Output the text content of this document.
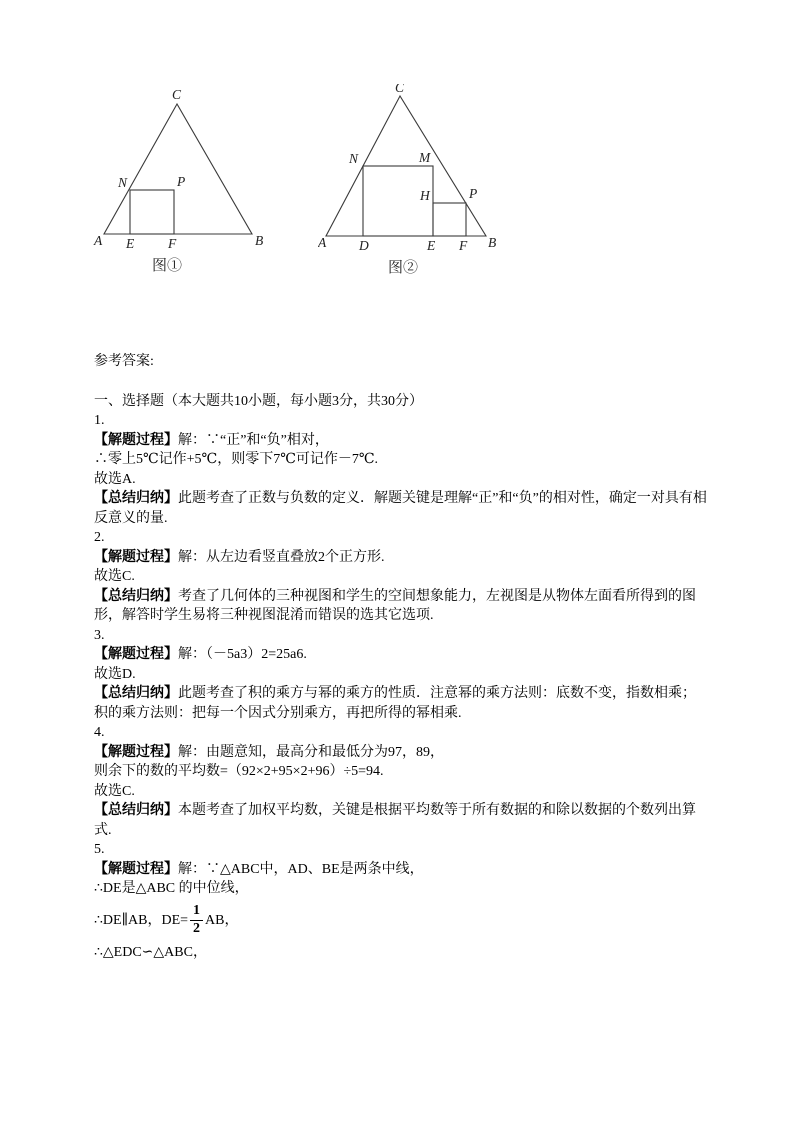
C
N	P
A E	F	B
图①
C
N	M
H	P
A D	E F B
图②
参考答案:
一、选择题（本大题共10小题，每小题3分，共30分）
1.
【解题过程】解：∵“正”和“负”相对，
∴零上5℃记作+5℃，则零下7℃可记作－7℃.
故选A.
【总结归纳】此题考查了正数与负数的定义．解题关键是理解“正”和“负”的相对性，确定一对具有相反意义的量.
2.
【解题过程】解：从左边看竖直叠放2个正方形.
故选C.
【总结归纳】考查了几何体的三种视图和学生的空间想象能力，左视图是从物体左面看所得到的图形，解答时学生易将三种视图混淆而错误的选其它选项.
3.
【解题过程】解：（－5a3）2=25a6.
故选D.
【总结归纳】此题考查了积的乘方与幂的乘方的性质．注意幂的乘方法则：底数不变，指数相乘；积的乘方法则：把每一个因式分别乘方，再把所得的幂相乘.
4.
【解题过程】解：由题意知，最高分和最低分为97，89，
则余下的数的平均数=（92×2+95×2+96）÷5=94.
故选C.
【总结归纳】本题考查了加权平均数，关键是根据平均数等于所有数据的和除以数据的个数列出算式.
5.
【解题过程】解：∵△ABC中，AD、BE是两条中线，
∴DE是△ABC 的中位线，
∴DE∥AB，$DE= \frac{1}{2}$ AB，
∴△EDC∽△ABC，
